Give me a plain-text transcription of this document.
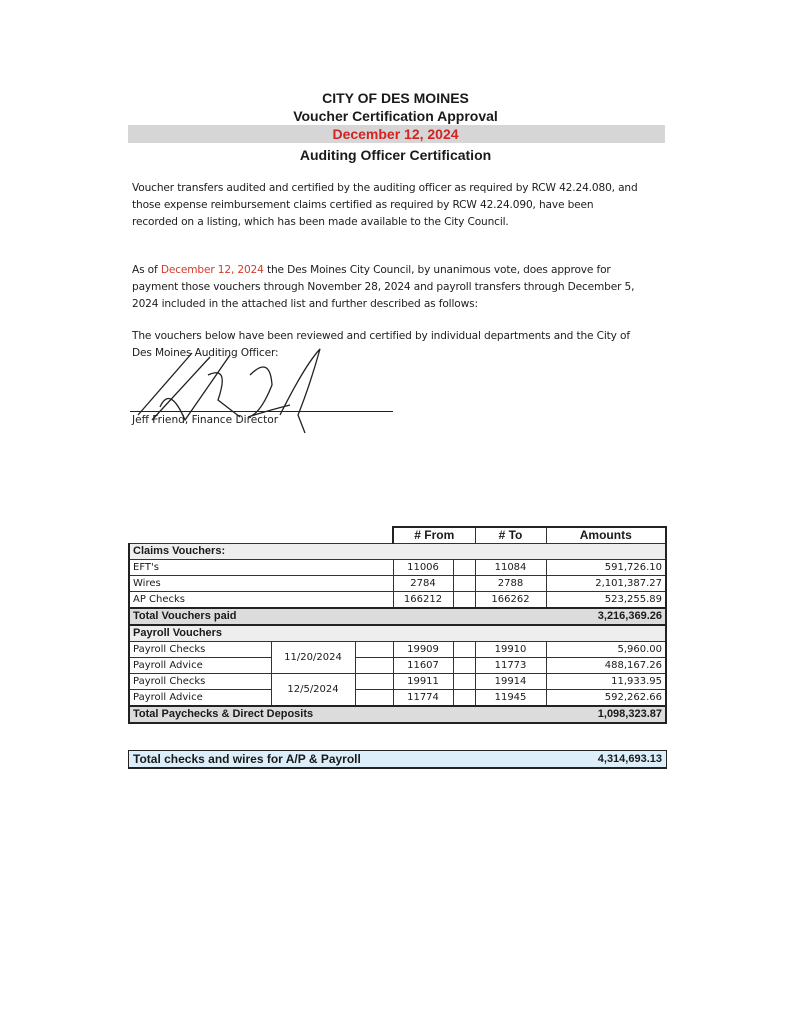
CITY OF DES MOINES
Voucher Certification Approval
December 12, 2024
Auditing Officer Certification
Voucher transfers audited and certified by the auditing officer as required by RCW 42.24.080, and those expense reimbursement claims certified as required by RCW 42.24.090, have been recorded on a listing, which has been made available to the City Council.
As of December 12, 2024 the Des Moines City Council, by unanimous vote, does approve for payment those vouchers through November 28, 2024 and payroll transfers through December 5, 2024 included in the attached list and further described as follows:
The vouchers below have been reviewed and certified by individual departments and the City of Des Moines Auditing Officer:
Jeff Friend, Finance Director
			# From		# To	Amounts
Claims Vouchers:						
EFT's			11006		11084	591,726.10
Wires			2784		2788	2,101,387.27
AP Checks			166212		166262	523,255.89
Total Vouchers paid						3,216,369.26
Payroll Vouchers						
Payroll Checks	11/20/2024		19909		19910	5,960.00
Payroll Advice			11607		11773	488,167.26
Payroll Checks	12/5/2024		19911		19914	11,933.95
Payroll Advice			11774		11945	592,262.66
Total Paychecks & Direct Deposits						1,098,323.87
Total checks and wires for A/P & Payroll	4,314,693.13
